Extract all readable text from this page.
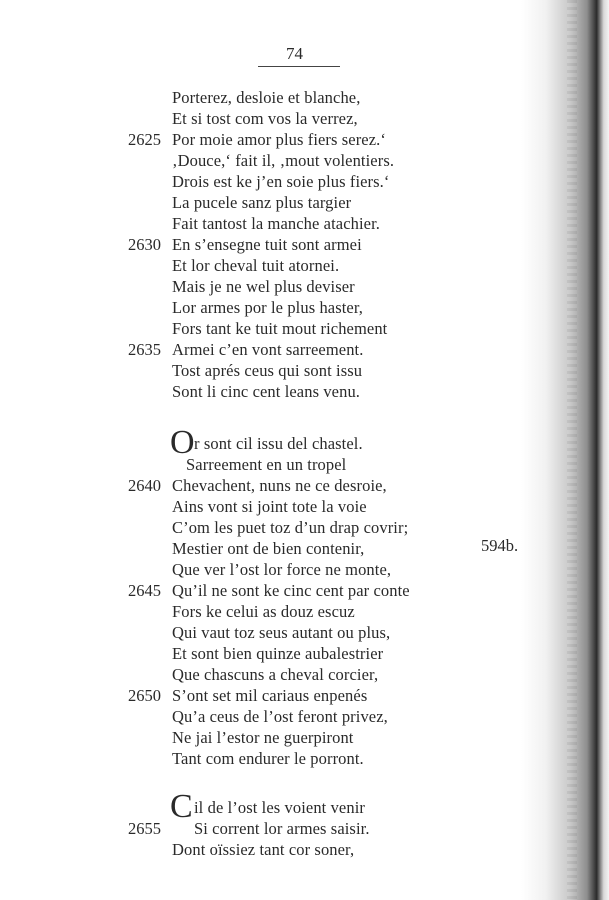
74
Porterez, desloie et blanche,
Et si tost com vos la verrez,
2625 Por moie amor plus fiers serez.‘
‚Douce,‘ fait il, ‚mout volentiers.
Drois est ke j’en soie plus fiers.‘
La pucele sanz plus targier
Fait tantost la manche atachier.
2630 En s’ensegne tuit sont armei
Et lor cheval tuit atornei.
Mais je ne wel plus deviser
Lor armes por le plus haster,
Fors tant ke tuit mout richement
2635 Armei c’en vont sarreement.
Tost aprés ceus qui sont issu
Sont li cinc cent leans venu.
O r sont cil issu del chastel.
Sarreement en un tropel
2640 Chevachent, nuns ne ce desroie,
Ains vont si joint tote la voie
C’om les puet toz d’un drap covrir;
Mestier ont de bien contenir,
Que ver l’ost lor force ne monte,
2645 Qu’il ne sont ke cinc cent par conte
Fors ke celui as douz escuz
Qui vaut toz seus autant ou plus,
Et sont bien quinze aubalestrier
Que chascuns a cheval corcier,
2650 S’ont set mil cariaus enpenés
Qu’a ceus de l’ost feront privez,
Ne jai l’estor ne guerpiront
Tant com endurer le porront.
C il de l’ost les voient venir
2655 Si corrent lor armes saisir.
Dont oïssiez tant cor soner,
594b.
